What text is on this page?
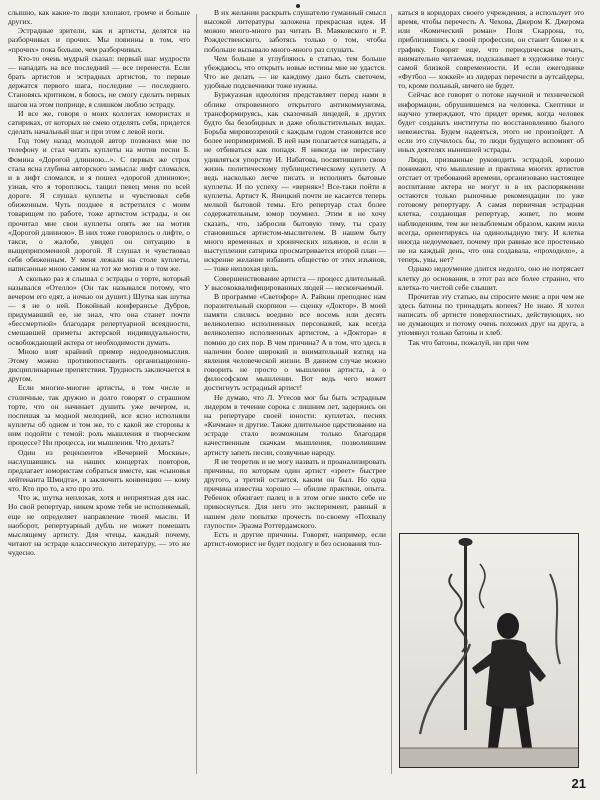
слышно, как какие-то люди хлопают, громче и больше других.

Эстрадные зрители, как и артисты, делятся на разборчивых и прочих. Мы повинны в том, что «прочих» пока больше, чем разборчивых.

Кто-то очень мудрый сказал: первый шаг мудрости — нападать на все последний — все перенести. Если брать артистов и эстрадных артистов, то первые держатся первого шага, последние — последнего. Становясь критиком, я боюсь, не смогу сделать первых шагов на этом поприще, я слишком люблю эстраду.

И все же, говоря о моих коллегах юмористах и сатириках, от которых не смею отделять себя, придется сделать начальный шаг и при этом с левой ноги.

Год тому назад молодой автор позвонил мне по телефону и стал читать куплеты на мотив песни Б. Фомина «Дорогой длинною...». С первых же строк стала ясна глубина авторского замысла: лифт сломался, и в лифт сломался, и я пошел «дорогой длинною»; узнав, что я тороплюсь, тащил певец меня по всей дороге. Я слушал куплеты и чувствовал себя обиженным. Чуть позднее я встретился с моим товарищем по работе, тоже артистом эстрады, и он прочитал мне свои куплеты опять же на мотив «Дорогой длинною». В них тоже говорилось о лифте, о такси, о жалобе, увидел он ситуацию в выщеприпоменной дорогой. Я слушал и чувствовал себя обиженным. У меня лежали на столе куплеты, написанные мною самим на тот же мотив и о том же.

А сколько раз я слышал с эстрады о торте, который назывался «Отелло» (Он так назывался потому, что вечером его едят, а ночью он душит.) Шутка как шутка — я не о ней. Покойный конферансье Дубров, придумавший ее, не знал, что она станет почти «бессмертной» благодаря репертуарной всеядности, смешавшей приметы актерской индивидуальности, освобождающей актера от необходимости думать.

Мною взят крайний пример недоединомыслия. Этому можно противопоставить организационно-дисциплинарные препятствия. Трудность заключается в другом.

Если многие-многие артисты, в том числе и столичные, так дружно и долго говорят о страшном торте, что он начинает душить уже вечером, и, поспешая за модной мелодией, все ясно исполняли куплеты об одном и том же, то с какой же стороны к ним подойти с темой: роль мышления в творческом процессе? Ни процесса, ни мышления. Что делать?

Один из рецензентов «Вечерней Москвы», наслушавшись на наших концертах повторов, предлагает юмористам собраться вместе, как «сыновья лейтенанта Шмидта», и заключить конвенцию — кому что. Кто про то, а кто про это.

Что ж, шутка неплохая, хотя и неприятная для нас. Но свой репертуар, никем кроме тебя не исполняемый, еще не определяет направление твоей мысли. И наоборот, репертуарный дубль не может помешать мыслящему артисту. Для чтецы, каждый почему, читают на эстраде классическую литературу, — это же чудесно.

В их желании раскрыть слушателю гуманный смысл высокой литературы заложена прекрасная идея. И можно много-много раз читать В. Маяковского и Р. Рождественского, заботясь только о том, чтобы побольше вызывало много-много раз слушать.

Чем больше я углубляюсь в статью, тем больше убеждаюсь, что открыть новые истины мне не удастся. Что же делать — не каждому дано быть светочем, удобные подсвечники тоже нужны.

Буржуазная идеология представляет перед нами в облике откровенного открытого антикоммунизма, трансформируясь, как сказочный лицедей, в других будто бы безобидных и даже обольстительных видах. Борьба мировоззрений с каждым годом становится все более непримиримой. В ней нам полагается нападать, а не отбиваться как попадя. Я никогда не перестану удивляться упорству И. Набатова, посвятившего свою жизнь политическому публицистическому куплету. А ведь насколько легче писать и исполнять бытовые куплеты. И по успеху — «верняк»! Все-таки пойти в куплеты. Артист К. Яницкий почти не касается теперь мелкой бытовой темы. Его репертуар стал более содержательным, юмор поумнел. Этим я не хочу сказать, что, забросив бытовую тему, ты сразу становишься артистом-мыслителем. В нашем быту много временных и хронических изъянов, и если в выступлении сатирика просматривается второй план — искренне желание избавить общество от этих изъянов, — тоже неплохая цель.

Совершенствование артиста — процесс длительный. У высококвалифицированных людей — нескончаемый.

В программе «Светофор» А. Райкин преподнес нам поразительный скорпион — сценку «Доктор». В моей памяти слились воедино все восемь или десять великолепно исполненных персонажей, как всегда великолепно исполненных артистом, а «Доктора» я помню до сих пор. В чем причина? А в том, что здесь в наличии более широкий и внимательный взгляд на явления человеческой жизни. В данном случае можно говорить не просто о мышлении артиста, а о философском мышлении. Вот ведь чего может достигнуть эстрадный артист!

Не думаю, что Л. Утесов мог бы быть эстрадным лидером в течение сорока с лишним лет, задержись он на репертуаре своей юности: куплетах, песнях «Кичман» и другие. Также длительное царствование на эстраде стало возможным только благодаря качественным скачкам мышления, позволившим артисту запеть песни, созвучные народу.

Я не теоретик и не могу назвать и проанализировать причины, по которым один артист «зреет» быстрее другого, а третий остается, каким он был. Но одна причина известна хорошо — обилие практики, опыта. Ребенок обжигает палец и в этом огне никто себе не прикоснуться. Для него это эксперимент, равный в нашем деле попытке прочесть по-своему «Похвалу глупости» Эразма Роттердамского.

Есть и другие причины. Говорят, например, если артист-юморист не будет подолгу и без основания тол-

каться в коридорах своего учреждения, а использует это время, чтобы перечесть А. Чехова, Джером К. Джерома или «Комический роман» Поля Скаррона, то, приблизившись к своей профессии, он станет ближе и к графику. Говорят еще, что периодическая печать, внимательно читаемая, подсказывает в художнике тонус самой близкой современности. И если ежегоднике «Футбол — хоккей» из лидерах перечести в аутсайдеры, то, кроме польный, ничего не будет.

Сейчас все говорят о потоке научной и технической информации, обрушившемся на человека. Скептики и научно утверждают, что придет время, когда человек будет создавать институты по восстановлению былого невежества. Будем надеяться, этого не произойдет. А если это случилось бы, то люди будущего вспомнят об иных деятелях нынешней эстрады.

Люди, призванные руководить эстрадой, хорошо понимают, что мышление и практика многих артистов отстает от требований времени, организовано настоящее воспитание актера не могут и в их распоряжении остаются только рыночные рекомендации по уже готовому репертуару. А самая первичная эстрадная клетка, создающая репертуар, живет, по моим наблюдениям, тем же незыблемым образом, каким жила всегда, ориентируясь на одинолыдную тягу. И клетка иногда недоумевает, почему при равные все простенько не на каждый день, что она создавала, «проходило», а теперь, увы, нет?

Однако недоумение длится недолго, оно не потрясает клетку до основания, в этот раз все более странно, что клетка-то чистой себе слышит.

Прочитав эту статью, вы спросите меня: а при чем же здесь батоны по тринадцать копеек? Не знаю. Я хотел написать об артисте поверхностных, действующих, но не думающих и потому очень похожих друг на друга, а упомянул только батоны и хлеб.

Так что батоны, пожалуй, ни при чем

21
